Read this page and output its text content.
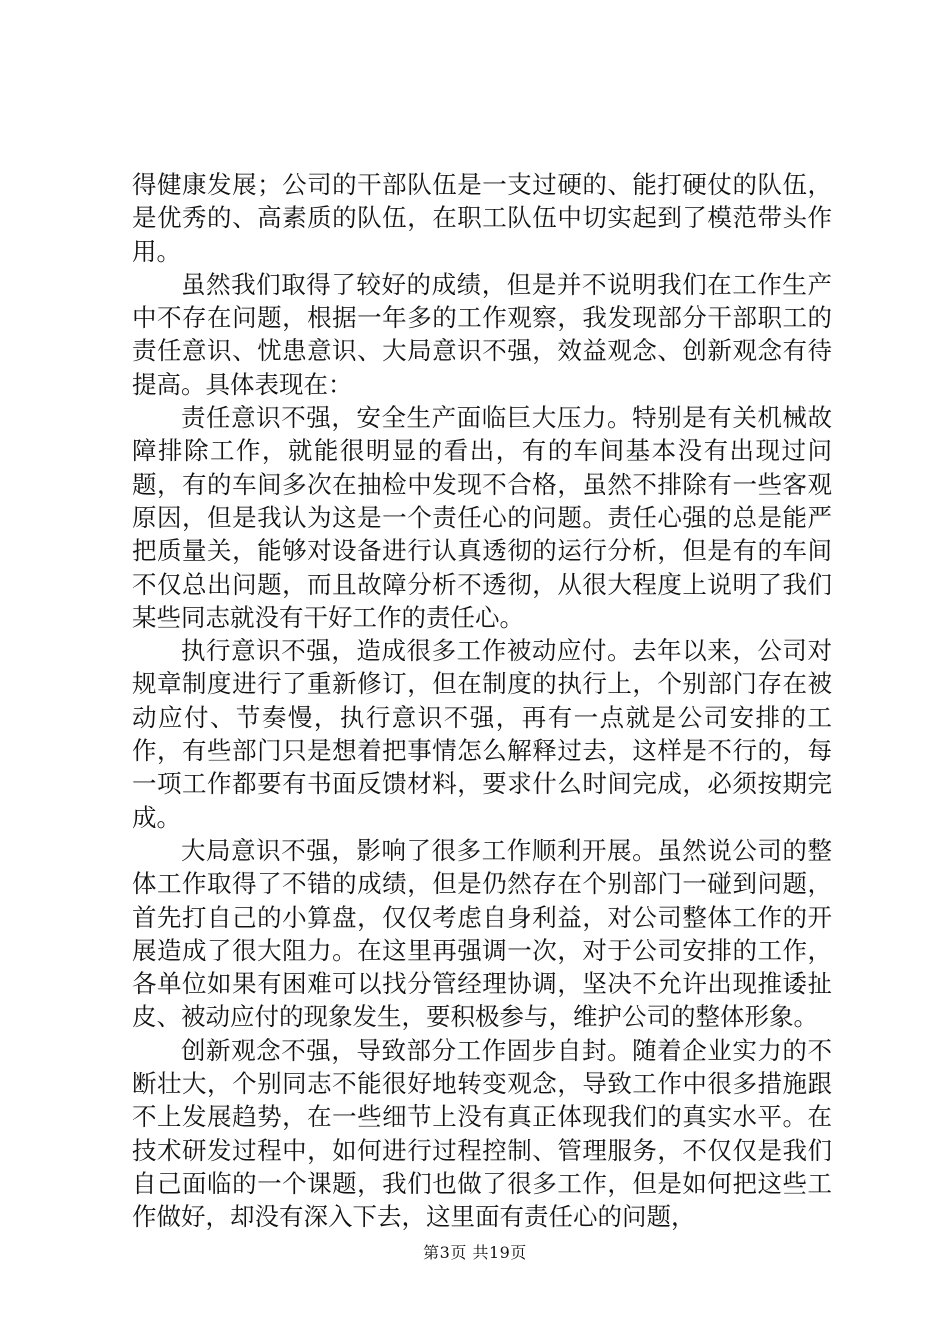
得健康发展；公司的干部队伍是一支过硬的、能打硬仗的队伍，是优秀的、高素质的队伍，在职工队伍中切实起到了模范带头作用。

虽然我们取得了较好的成绩，但是并不说明我们在工作生产中不存在问题，根据一年多的工作观察，我发现部分干部职工的责任意识、忧患意识、大局意识不强，效益观念、创新观念有待提高。具体表现在：

责任意识不强，安全生产面临巨大压力。特别是有关机械故障排除工作，就能很明显的看出，有的车间基本没有出现过问题，有的车间多次在抽检中发现不合格，虽然不排除有一些客观原因，但是我认为这是一个责任心的问题。责任心强的总是能严把质量关，能够对设备进行认真透彻的运行分析，但是有的车间不仅总出问题，而且故障分析不透彻，从很大程度上说明了我们某些同志就没有干好工作的责任心。

执行意识不强，造成很多工作被动应付。去年以来，公司对规章制度进行了重新修订，但在制度的执行上，个别部门存在被动应付、节奏慢，执行意识不强，再有一点就是公司安排的工作，有些部门只是想着把事情怎么解释过去，这样是不行的，每一项工作都要有书面反馈材料，要求什么时间完成，必须按期完成。

大局意识不强，影响了很多工作顺利开展。虽然说公司的整体工作取得了不错的成绩，但是仍然存在个别部门一碰到问题，首先打自己的小算盘，仅仅考虑自身利益，对公司整体工作的开展造成了很大阻力。在这里再强调一次，对于公司安排的工作，各单位如果有困难可以找分管经理协调，坚决不允许出现推诿扯皮、被动应付的现象发生，要积极参与，维护公司的整体形象。

创新观念不强，导致部分工作固步自封。随着企业实力的不断壮大，个别同志不能很好地转变观念，导致工作中很多措施跟不上发展趋势，在一些细节上没有真正体现我们的真实水平。在技术研发过程中，如何进行过程控制、管理服务，不仅仅是我们自己面临的一个课题，我们也做了很多工作，但是如何把这些工作做好，却没有深入下去，这里面有责任心的问题，

第3页 共19页
